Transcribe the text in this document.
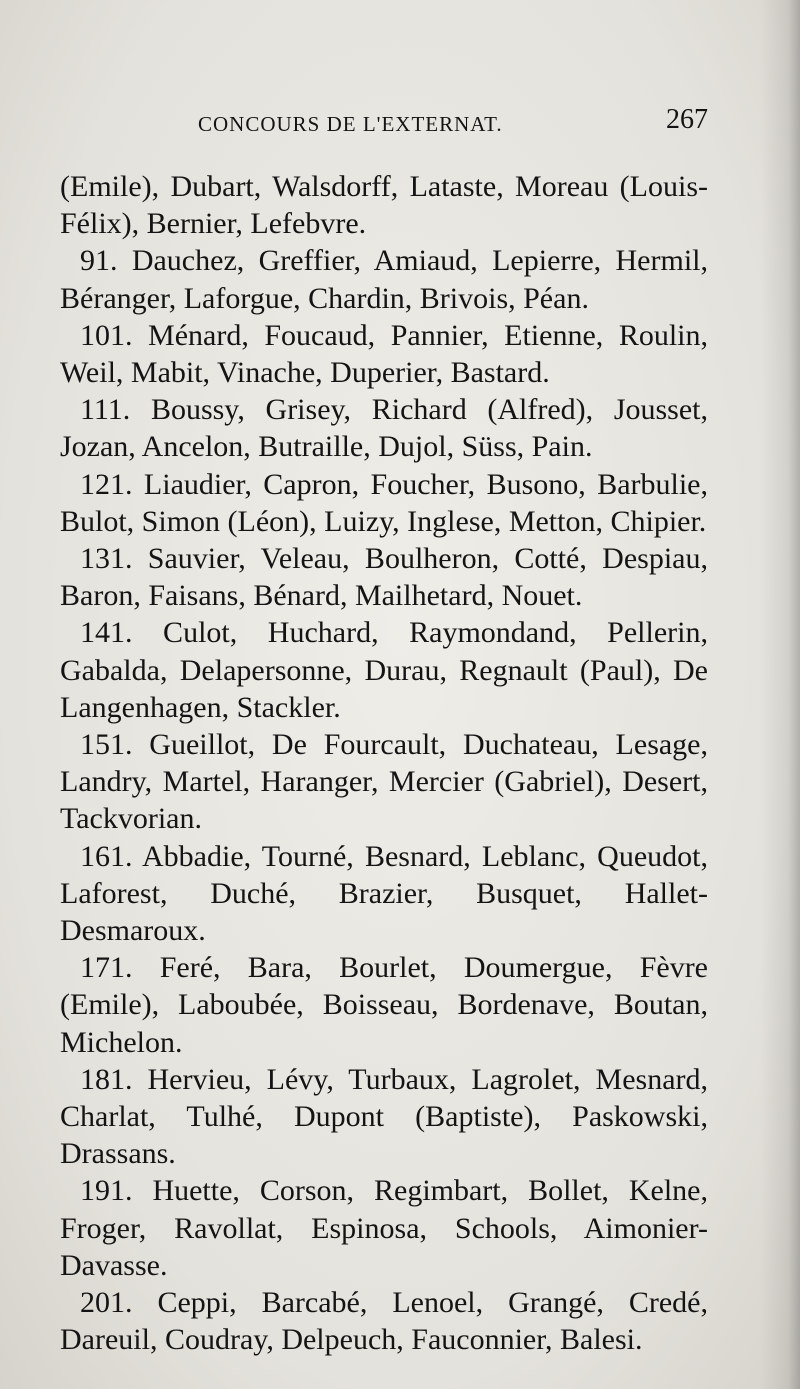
CONCOURS DE L'EXTERNAT.	267

(Emile), Dubart, Walsdorff, Lataste, Moreau (Louis-Félix), Bernier, Lefebvre.

91. Dauchez, Greffier, Amiaud, Lepierre, Hermil, Béranger, Laforgue, Chardin, Brivois, Péan.

101. Ménard, Foucaud, Pannier, Etienne, Roulin, Weil, Mabit, Vinache, Duperier, Bastard.

111. Boussy, Grisey, Richard (Alfred), Jousset, Jozan, Ancelon, Butraille, Dujol, Süss, Pain.

121. Liaudier, Capron, Foucher, Busono, Barbulie, Bulot, Simon (Léon), Luizy, Inglese, Metton, Chipier.

131. Sauvier, Veleau, Boulheron, Cotté, Despiau, Baron, Faisans, Bénard, Mailhetard, Nouet.

141. Culot, Huchard, Raymondand, Pellerin, Gabalda, Delapersonne, Durau, Regnault (Paul), De Langenhagen, Stackler.

151. Gueillot, De Fourcault, Duchateau, Lesage, Landry, Martel, Haranger, Mercier (Gabriel), Desert, Tackvorian.

161. Abbadie, Tourné, Besnard, Leblanc, Queudot, Laforest, Duché, Brazier, Busquet, Hallet-Desmaroux.

171. Feré, Bara, Bourlet, Doumergue, Fèvre (Emile), Laboubée, Boisseau, Bordenave, Boutan, Michelon.

181. Hervieu, Lévy, Turbaux, Lagrolet, Mesnard, Charlat, Tulhé, Dupont (Baptiste), Paskowski, Drassans.

191. Huette, Corson, Regimbart, Bollet, Kelne, Froger, Ravollat, Espinosa, Schools, Aimonier-Davasse.

201. Ceppi, Barcabé, Lenoel, Grangé, Credé, Dareuil, Coudray, Delpeuch, Fauconnier, Balesi.
